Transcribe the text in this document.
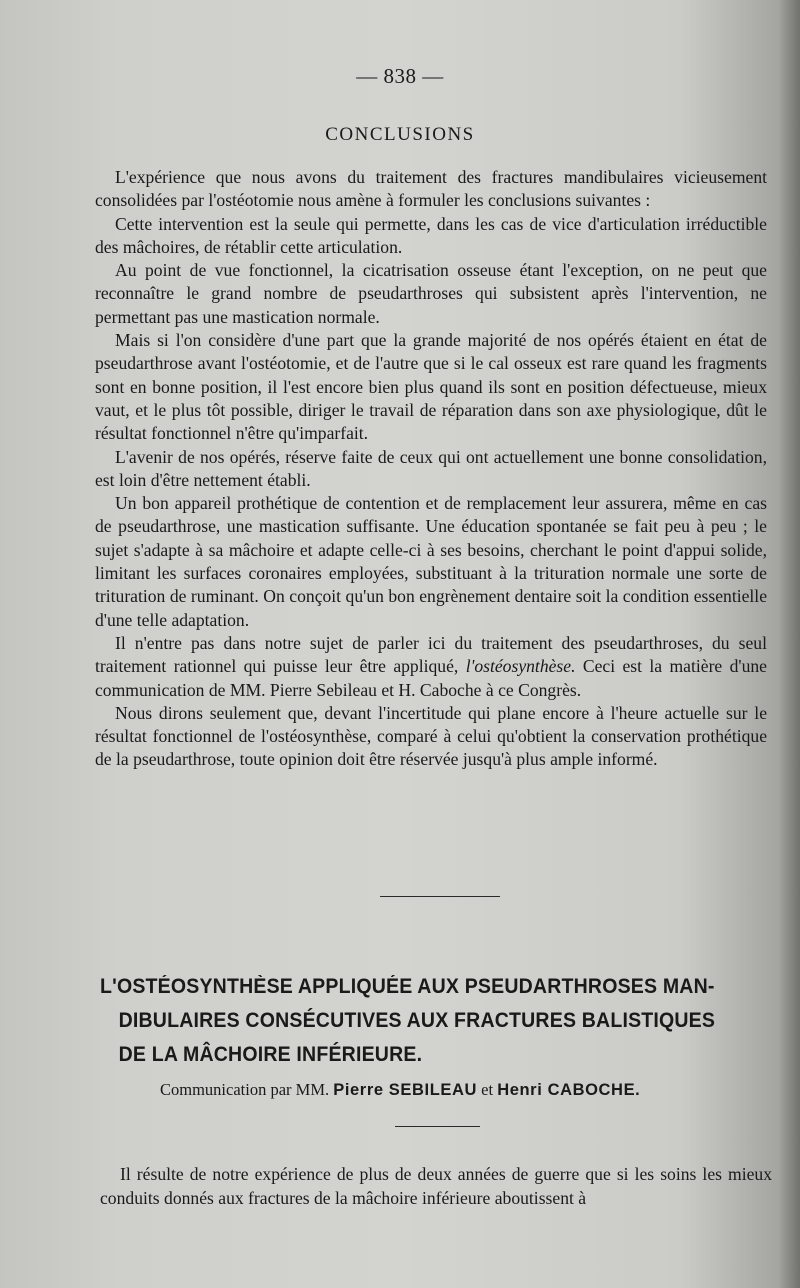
— 838 —
CONCLUSIONS

L'expérience que nous avons du traitement des fractures mandibulaires vicieusement consolidées par l'ostéotomie nous amène à formuler les conclusions suivantes :

Cette intervention est la seule qui permette, dans les cas de vice d'articulation irréductible des mâchoires, de rétablir cette articulation.

Au point de vue fonctionnel, la cicatrisation osseuse étant l'exception, on ne peut que reconnaître le grand nombre de pseudarthroses qui subsistent après l'intervention, ne permettant pas une mastication normale.

Mais si l'on considère d'une part que la grande majorité de nos opérés étaient en état de pseudarthrose avant l'ostéotomie, et de l'autre que si le cal osseux est rare quand les fragments sont en bonne position, il l'est encore bien plus quand ils sont en position défectueuse, mieux vaut, et le plus tôt possible, diriger le travail de réparation dans son axe physiologique, dût le résultat fonctionnel n'être qu'imparfait.

L'avenir de nos opérés, réserve faite de ceux qui ont actuellement une bonne consolidation, est loin d'être nettement établi.

Un bon appareil prothétique de contention et de remplacement leur assurera, même en cas de pseudarthrose, une mastication suffisante. Une éducation spontanée se fait peu à peu ; le sujet s'adapte à sa mâchoire et adapte celle-ci à ses besoins, cherchant le point d'appui solide, limitant les surfaces coronaires employées, substituant à la trituration normale une sorte de trituration de ruminant. On conçoit qu'un bon engrènement dentaire soit la condition essentielle d'une telle adaptation.

Il n'entre pas dans notre sujet de parler ici du traitement des pseudarthroses, du seul traitement rationnel qui puisse leur être appliqué, l'ostéosynthèse. Ceci est la matière d'une communication de MM. Pierre Sebileau et H. Caboche à ce Congrès.

Nous dirons seulement que, devant l'incertitude qui plane encore à l'heure actuelle sur le résultat fonctionnel de l'ostéosynthèse, comparé à celui qu'obtient la conservation prothétique de la pseudarthrose, toute opinion doit être réservée jusqu'à plus ample informé.

L'OSTÉOSYNTHÈSE APPLIQUÉE AUX PSEUDARTHROSES MAN-
DIBULAIRES CONSÉCUTIVES AUX FRACTURES BALISTIQUES
DE LA MÂCHOIRE INFÉRIEURE.
Communication par MM. Pierre SEBILEAU et Henri CABOCHE.

Il résulte de notre expérience de plus de deux années de guerre que si les soins les mieux conduits donnés aux fractures de la mâchoire inférieure aboutissent à
